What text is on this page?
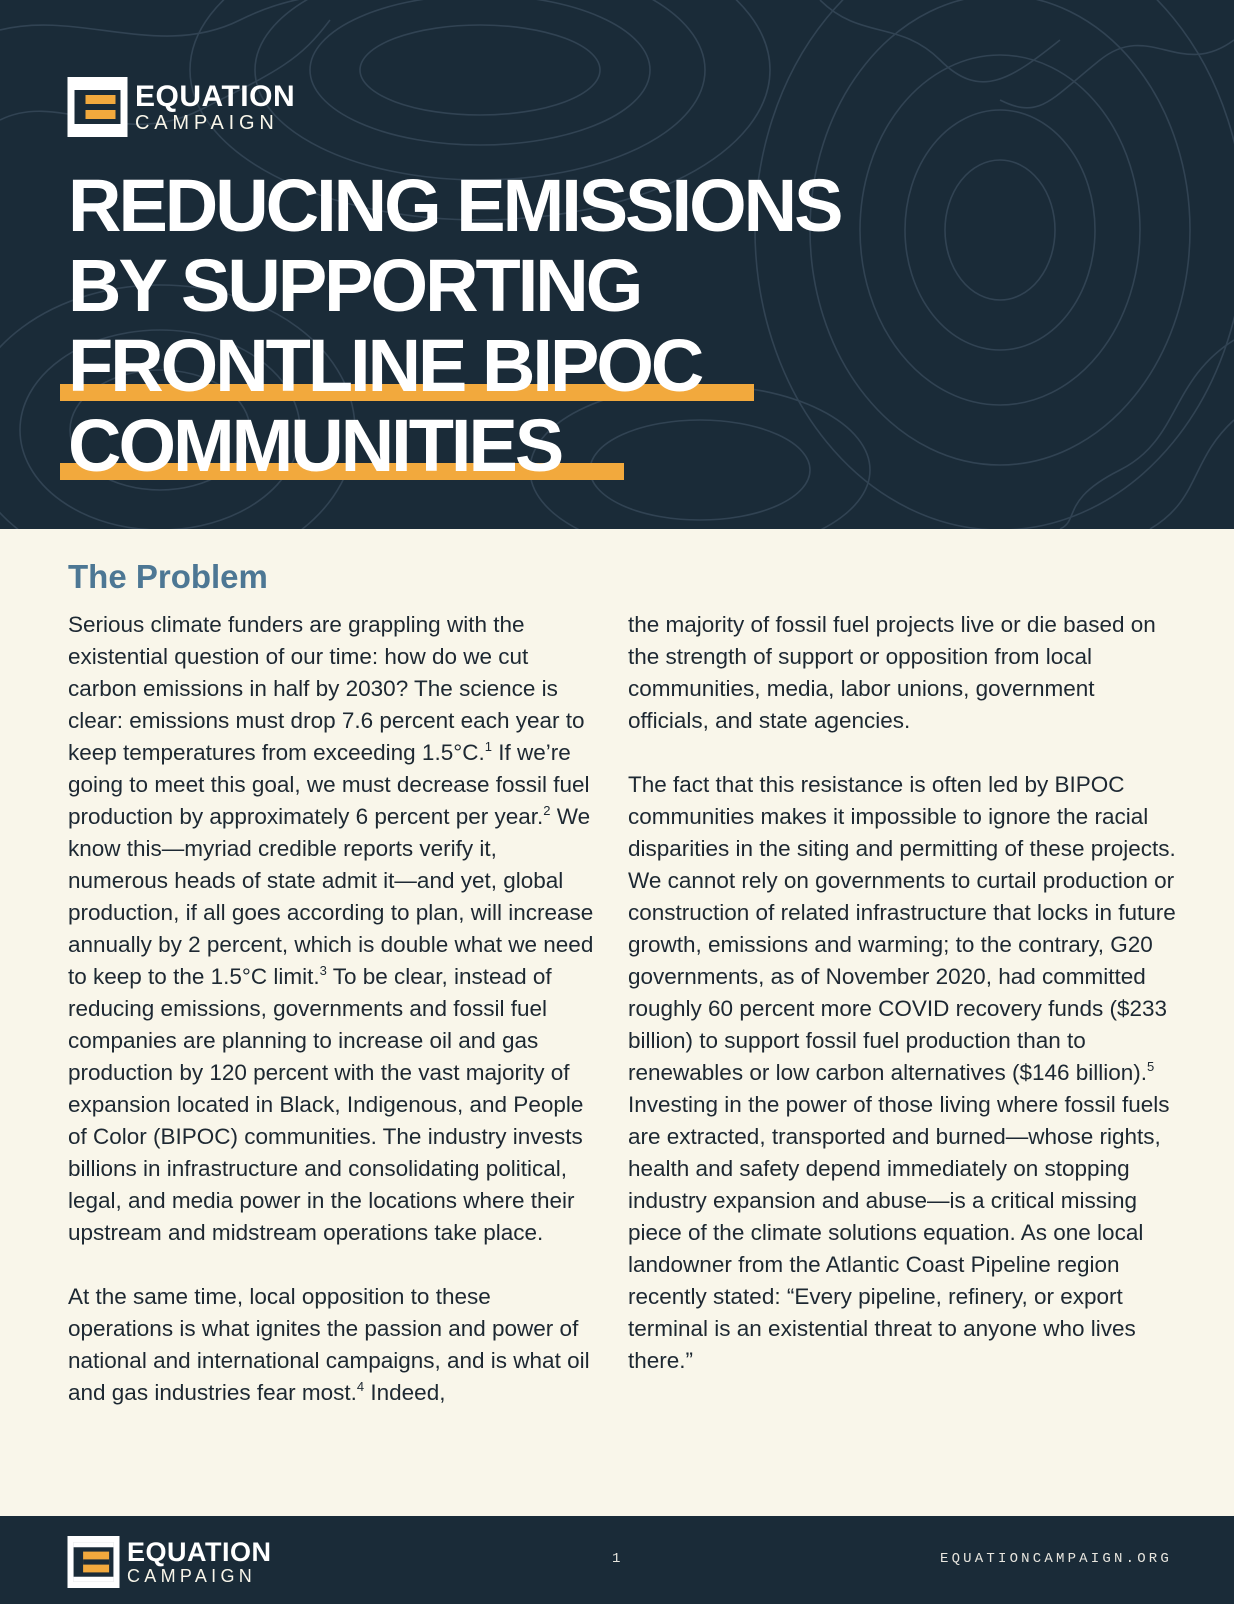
EQUATION
CAMPAIGN
REDUCING EMISSIONS
BY SUPPORTING
FRONTLINE BIPOC
COMMUNITIES
The Problem

Serious climate funders are grappling with the existential question of our time: how do we cut carbon emissions in half by 2030? The science is clear: emissions must drop 7.6 percent each year to keep temperatures from exceeding 1.5°C.$^1$ If we’re going to meet this goal, we must decrease fossil fuel production by approximately 6 percent per year.$^2$ We know this—myriad credible reports verify it, numerous heads of state admit it—and yet, global production, if all goes according to plan, will increase annually by 2 percent, which is double what we need to keep to the 1.5°C limit.$^3$ To be clear, instead of reducing emissions, governments and fossil fuel companies are planning to increase oil and gas production by 120 percent with the vast majority of expansion located in Black, Indigenous, and People of Color (BIPOC) communities. The industry invests billions in infrastructure and consolidating political, legal, and media power in the locations where their upstream and midstream operations take place.

At the same time, local opposition to these operations is what ignites the passion and power of national and international campaigns, and is what oil and gas industries fear most.$^4$ Indeed,

the majority of fossil fuel projects live or die based on the strength of support or opposition from local communities, media, labor unions, government officials, and state agencies.

The fact that this resistance is often led by BIPOC communities makes it impossible to ignore the racial disparities in the siting and permitting of these projects. We cannot rely on governments to curtail production or construction of related infrastructure that locks in future growth, emissions and warming; to the contrary, G20 governments, as of November 2020, had committed roughly 60 percent more COVID recovery funds ($233 billion) to support fossil fuel production than to renewables or low carbon alternatives ($146 billion).$^5$ Investing in the power of those living where fossil fuels are extracted, transported and burned—whose rights, health and safety depend immediately on stopping industry expansion and abuse—is a critical missing piece of the climate solutions equation. As one local landowner from the Atlantic Coast Pipeline region recently stated: “Every pipeline, refinery, or export terminal is an existential threat to anyone who lives there.”

EQUATION
CAMPAIGN
1	EQUATIONCAMPAIGN.ORG
